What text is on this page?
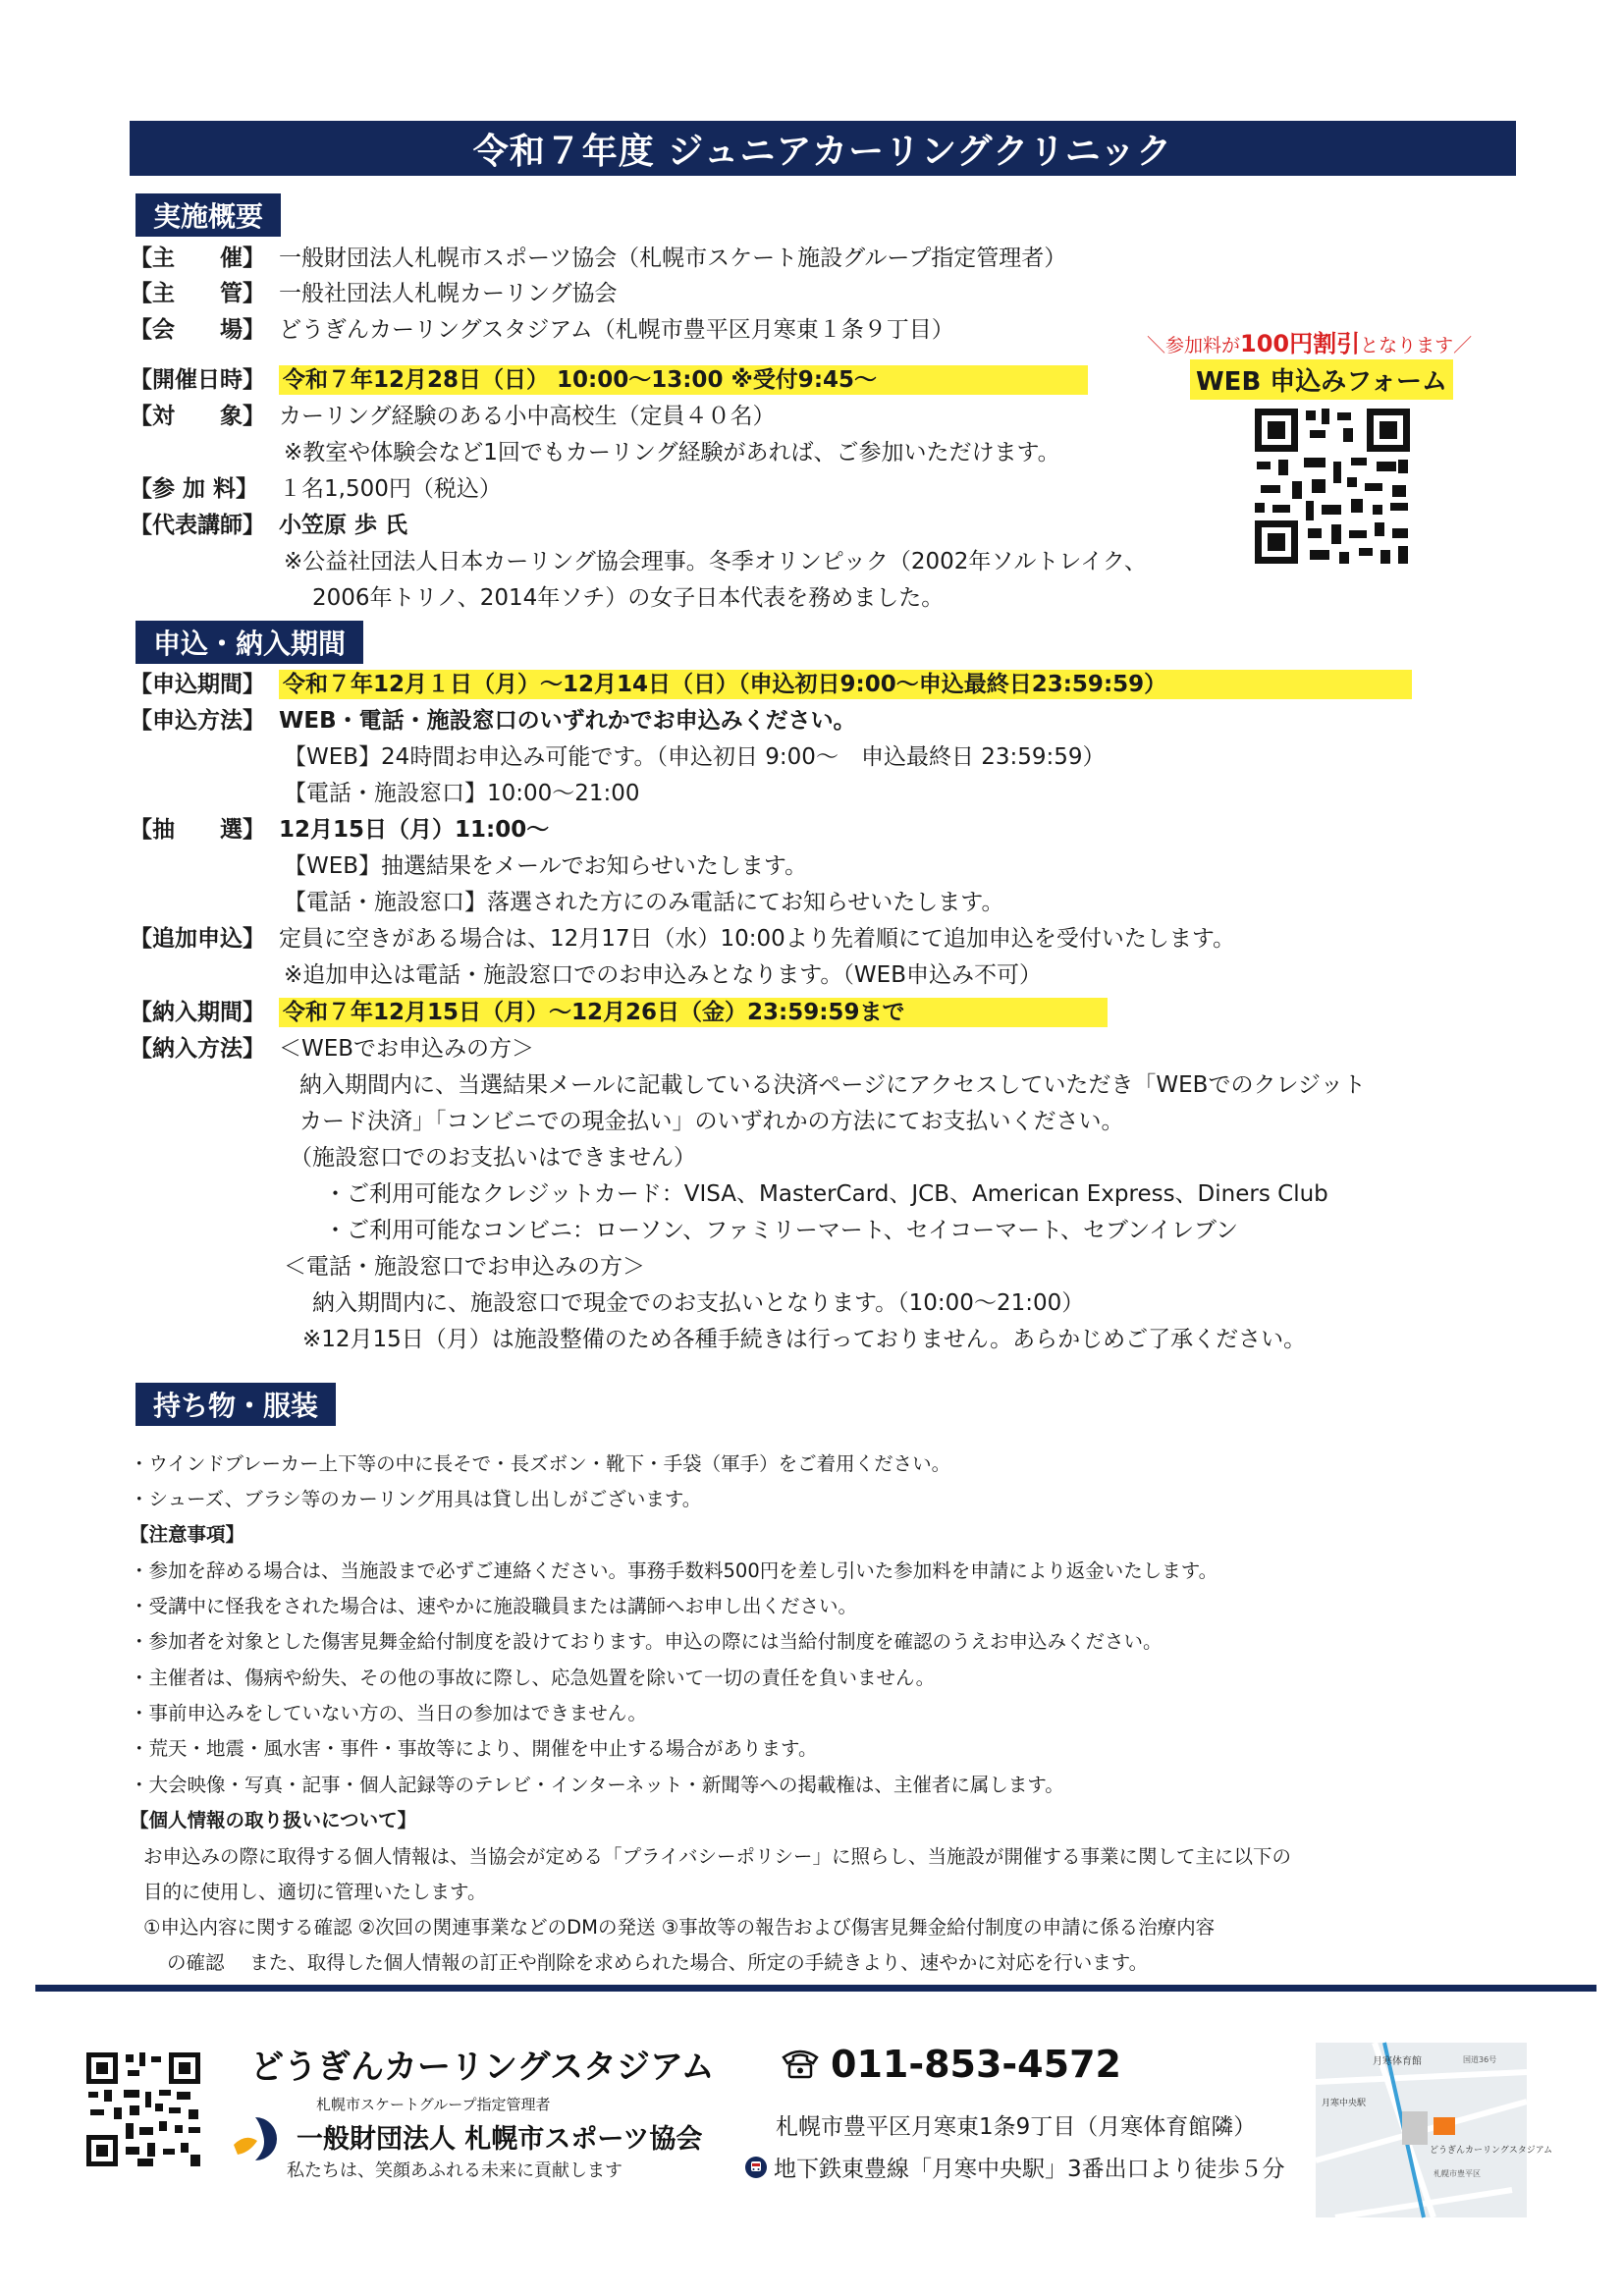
令和７年度 ジュニアカーリングクリニック
実施概要
【主　　催】 一般財団法人札幌市スポーツ協会（札幌市スケート施設グループ指定管理者）
【主　　管】 一般社団法人札幌カーリング協会
【会　　場】 どうぎんカーリングスタジアム（札幌市豊平区月寒東１条９丁目）
【開催日時】 令和７年12月28日（日） 10:00～13:00 ※受付9:45～
【対　　象】 カーリング経験のある小中高校生（定員４０名）
※教室や体験会など1回でもカーリング経験があれば、ご参加いただけます。
【参 加 料】 １名1,500円（税込）
【代表講師】 小笠原 歩 氏
※公益社団法人日本カーリング協会理事。冬季オリンピック（2002年ソルトレイク、
2006年トリノ、2014年ソチ）の女子日本代表を務めました。
＼参加料が100円割引となります／
WEB 申込みフォーム
申込・納入期間
【申込期間】 令和７年12月１日（月）～12月14日（日）（申込初日9:00～申込最終日23:59:59）
【申込方法】 WEB・電話・施設窓口のいずれかでお申込みください。
【WEB】24時間お申込み可能です。（申込初日 9:00～　申込最終日 23:59:59）
【電話・施設窓口】10:00～21:00
【抽　　選】 12月15日（月）11:00～
【WEB】抽選結果をメールでお知らせいたします。
【電話・施設窓口】落選された方にのみ電話にてお知らせいたします。
【追加申込】 定員に空きがある場合は、12月17日（水）10:00より先着順にて追加申込を受付いたします。
※追加申込は電話・施設窓口でのお申込みとなります。（WEB申込み不可）
【納入期間】 令和７年12月15日（月）～12月26日（金）23:59:59まで
【納入方法】 ＜WEBでお申込みの方＞
納入期間内に、当選結果メールに記載している決済ページにアクセスしていただき「WEBでのクレジット
カード決済」「コンビニでの現金払い」のいずれかの方法にてお支払いください。
（施設窓口でのお支払いはできません）
・ご利用可能なクレジットカード：VISA、MasterCard、JCB、American Express、Diners Club
・ご利用可能なコンビニ：ローソン、ファミリーマート、セイコーマート、セブンイレブン
＜電話・施設窓口でお申込みの方＞
納入期間内に、施設窓口で現金でのお支払いとなります。（10:00～21:00）
※12月15日（月）は施設整備のため各種手続きは行っておりません。あらかじめご了承ください。
持ち物・服装
・ウインドブレーカー上下等の中に長そで・長ズボン・靴下・手袋（軍手）をご着用ください。
・シューズ、ブラシ等のカーリング用具は貸し出しがございます。
【注意事項】
・参加を辞める場合は、当施設まで必ずご連絡ください。事務手数料500円を差し引いた参加料を申請により返金いたします。
・受講中に怪我をされた場合は、速やかに施設職員または講師へお申し出ください。
・参加者を対象とした傷害見舞金給付制度を設けております。申込の際には当給付制度を確認のうえお申込みください。
・主催者は、傷病や紛失、その他の事故に際し、応急処置を除いて一切の責任を負いません。
・事前申込みをしていない方の、当日の参加はできません。
・荒天・地震・風水害・事件・事故等により、開催を中止する場合があります。
・大会映像・写真・記事・個人記録等のテレビ・インターネット・新聞等への掲載権は、主催者に属します。
【個人情報の取り扱いについて】
お申込みの際に取得する個人情報は、当協会が定める「プライバシーポリシー」に照らし、当施設が開催する事業に関して主に以下の
目的に使用し、適切に管理いたします。
①申込内容に関する確認 ②次回の関連事業などのDMの発送 ③事故等の報告および傷害見舞金給付制度の申請に係る治療内容
の確認　 また、取得した個人情報の訂正や削除を求められた場合、所定の手続きより、速やかに対応を行います。
どうぎんカーリングスタジアム	011-853-4572
札幌市スケートグループ指定管理者
一般財団法人 札幌市スポーツ協会
私たちは、笑顔あふれる未来に貢献します
札幌市豊平区月寒東1条9丁目（月寒体育館隣）
地下鉄東豊線「月寒中央駅」3番出口より徒歩５分
月寒体育館
どうぎんカーリングスタジアム
月寒中央駅
札幌市豊平区
国道36号
